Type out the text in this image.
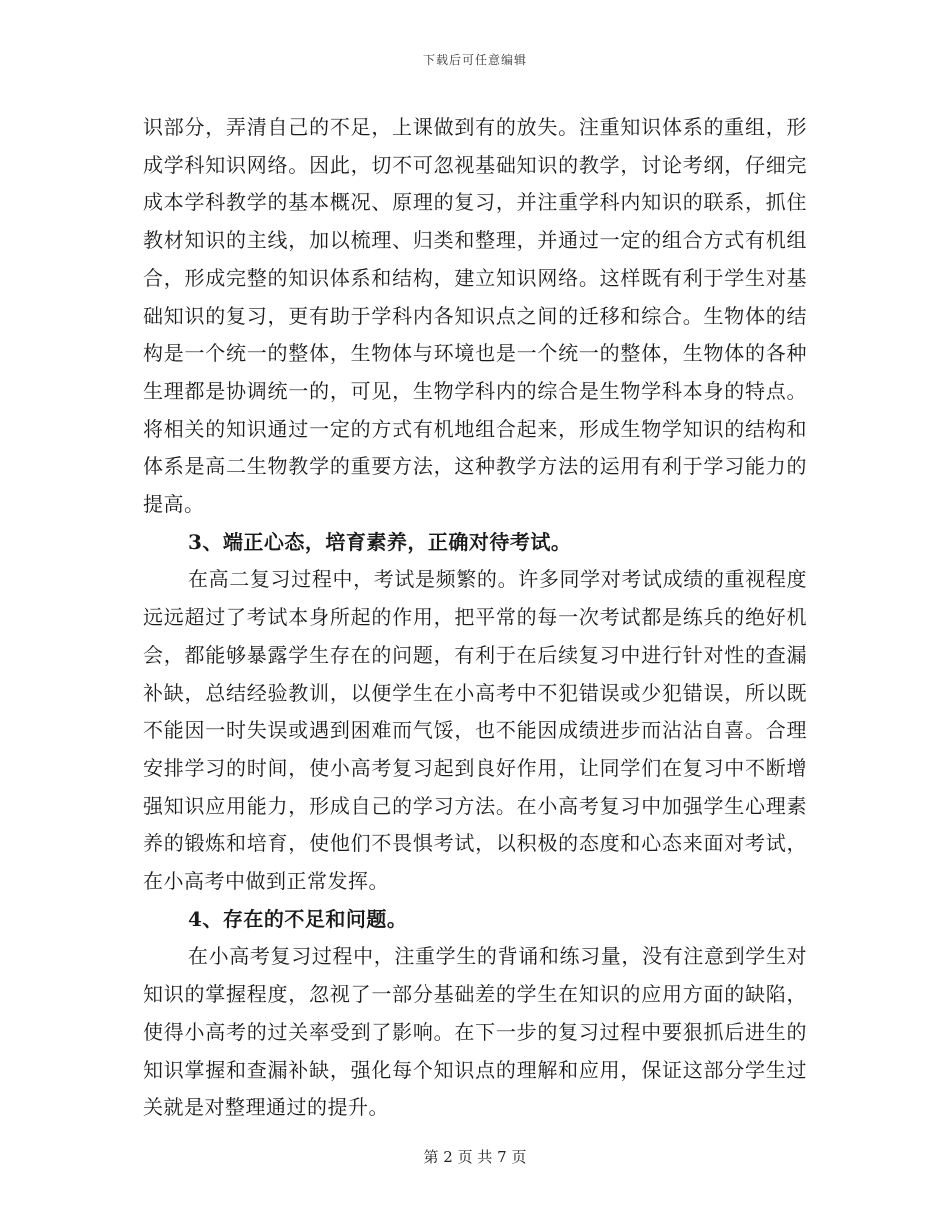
下载后可任意编辑

识部分，弄清自己的不足，上课做到有的放失。注重知识体系的重组，形成学科知识网络。因此，切不可忽视基础知识的教学，讨论考纲，仔细完成本学科教学的基本概况、原理的复习，并注重学科内知识的联系，抓住教材知识的主线，加以梳理、归类和整理，并通过一定的组合方式有机组合，形成完整的知识体系和结构，建立知识网络。这样既有利于学生对基础知识的复习，更有助于学科内各知识点之间的迁移和综合。生物体的结构是一个统一的整体，生物体与环境也是一个统一的整体，生物体的各种生理都是协调统一的，可见，生物学科内的综合是生物学科本身的特点。将相关的知识通过一定的方式有机地组合起来，形成生物学知识的结构和体系是高二生物教学的重要方法，这种教学方法的运用有利于学习能力的提高。

3、端正心态，培育素养，正确对待考试。

在高二复习过程中，考试是频繁的。许多同学对考试成绩的重视程度远远超过了考试本身所起的作用，把平常的每一次考试都是练兵的绝好机会，都能够暴露学生存在的问题，有利于在后续复习中进行针对性的查漏补缺，总结经验教训，以便学生在小高考中不犯错误或少犯错误，所以既不能因一时失误或遇到困难而气馁，也不能因成绩进步而沾沾自喜。合理安排学习的时间，使小高考复习起到良好作用，让同学们在复习中不断增强知识应用能力，形成自己的学习方法。在小高考复习中加强学生心理素养的锻炼和培育，使他们不畏惧考试，以积极的态度和心态来面对考试，在小高考中做到正常发挥。

4、存在的不足和问题。

在小高考复习过程中，注重学生的背诵和练习量，没有注意到学生对知识的掌握程度，忽视了一部分基础差的学生在知识的应用方面的缺陷，使得小高考的过关率受到了影响。在下一步的复习过程中要狠抓后进生的知识掌握和查漏补缺，强化每个知识点的理解和应用，保证这部分学生过关就是对整理通过的提升。

第 2 页 共 7 页
